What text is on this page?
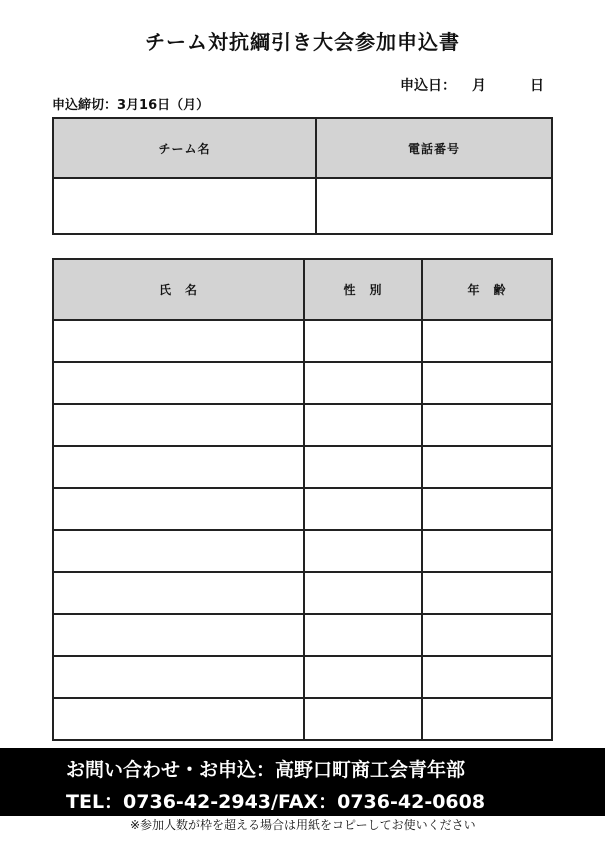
チーム対抗綱引き大会参加申込書
申込日： 月	日
申込締切：3月16日（月）
チーム名	電話番号

氏　名	性　別	年　齢

お問い合わせ・お申込：高野口町商工会青年部
TEL：0736-42-2943/FAX：0736-42-0608
※参加人数が枠を超える場合は用紙をコピーしてお使いください
